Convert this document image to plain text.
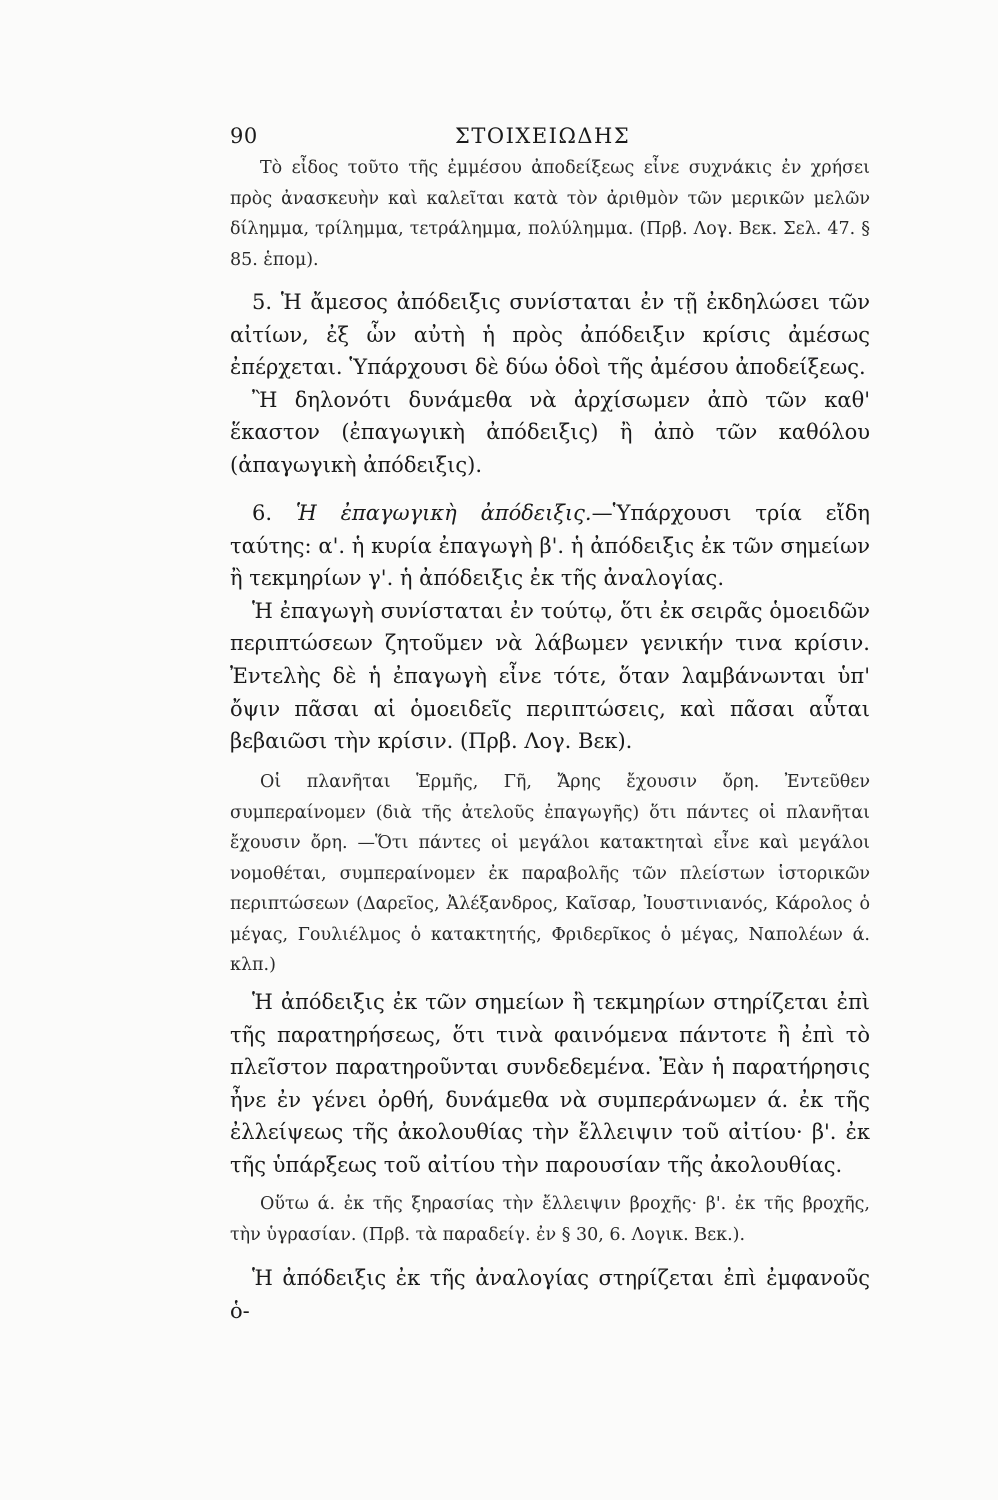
90	ΣΤΟΙΧΕΙΩΔΗΣ
Τὸ εἶδος τοῦτο τῆς ἐμμέσου ἀποδείξεως εἶνε συχνάκις ἐν χρήσει πρὸς ἀνασκευὴν καὶ καλεῖται κατὰ τὸν ἀριθμὸν τῶν μερικῶν μελῶν δίλημμα, τρίλημμα, τετράλημμα, πολύλημμα. (Πρβ. Λογ. Βεκ. Σελ. 47. § 85. ἑπομ).
5. Ἡ ἄμεσος ἀπόδειξις συνίσταται ἐν τῇ ἐκδηλώσει τῶν αἰτίων, ἐξ ὧν αὐτὴ ἡ πρὸς ἀπόδειξιν κρίσις ἀμέσως ἐπέρχεται. Ὑπάρχουσι δὲ δύω ὁδοὶ τῆς ἀμέσου ἀποδείξεως.
Ἢ δηλονότι δυνάμεθα νὰ ἀρχίσωμεν ἀπὸ τῶν καθ' ἕκαστον (ἐπαγωγικὴ ἀπόδειξις) ἢ ἀπὸ τῶν καθόλου (ἀπαγωγικὴ ἀπόδειξις).
6. Ἡ ἐπαγωγικὴ ἀπόδειξις.—Ὑπάρχουσι τρία εἴδη ταύτης: α'. ἡ κυρία ἐπαγωγὴ β'. ἡ ἀπόδειξις ἐκ τῶν σημείων ἢ τεκμηρίων γ'. ἡ ἀπόδειξις ἐκ τῆς ἀναλογίας.
Ἡ ἐπαγωγὴ συνίσταται ἐν τούτῳ, ὅτι ἐκ σειρᾶς ὁμοειδῶν περιπτώσεων ζητοῦμεν νὰ λάβωμεν γενικήν τινα κρίσιν. Ἐντελὴς δὲ ἡ ἐπαγωγὴ εἶνε τότε, ὅταν λαμβάνωνται ὑπ' ὄψιν πᾶσαι αἱ ὁμοειδεῖς περιπτώσεις, καὶ πᾶσαι αὗται βεβαιῶσι τὴν κρίσιν. (Πρβ. Λογ. Βεκ).
Οἱ πλανῆται Ἑρμῆς, Γῆ, Ἄρης ἔχουσιν ὄρη. Ἐντεῦθεν συμπεραίνομεν (διὰ τῆς ἀτελοῦς ἐπαγωγῆς) ὅτι πάντες οἱ πλανῆται ἔχουσιν ὄρη. —Ὅτι πάντες οἱ μεγάλοι κατακτηταὶ εἶνε καὶ μεγάλοι νομοθέται, συμπεραίνομεν ἐκ παραβολῆς τῶν πλείστων ἱστορικῶν περιπτώσεων (Δαρεῖος, Ἀλέξανδρος, Καῖσαρ, Ἰουστινιανός, Κάρολος ὁ μέγας, Γουλιέλμος ὁ κατακτητής, Φριδερῖκος ὁ μέγας, Ναπολέων ά. κλπ.)
Ἡ ἀπόδειξις ἐκ τῶν σημείων ἢ τεκμηρίων στηρίζεται ἐπὶ τῆς παρατηρήσεως, ὅτι τινὰ φαινόμενα πάντοτε ἢ ἐπὶ τὸ πλεῖστον παρατηροῦνται συνδεδεμένα. Ἐὰν ἡ παρατήρησις ἦνε ἐν γένει ὀρθή, δυνάμεθα νὰ συμπεράνωμεν ά. ἐκ τῆς ἐλλείψεως τῆς ἀκολουθίας τὴν ἔλλειψιν τοῦ αἰτίου· β'. ἐκ τῆς ὑπάρξεως τοῦ αἰτίου τὴν παρουσίαν τῆς ἀκολουθίας.
Οὕτω ά. ἐκ τῆς ξηρασίας τὴν ἔλλειψιν βροχῆς· β'. ἐκ τῆς βροχῆς, τὴν ὑγρασίαν. (Πρβ. τὰ παραδείγ. ἐν § 30, 6. Λογικ. Βεκ.).
Ἡ ἀπόδειξις ἐκ τῆς ἀναλογίας στηρίζεται ἐπὶ ἐμφανοῦς ὁ-
